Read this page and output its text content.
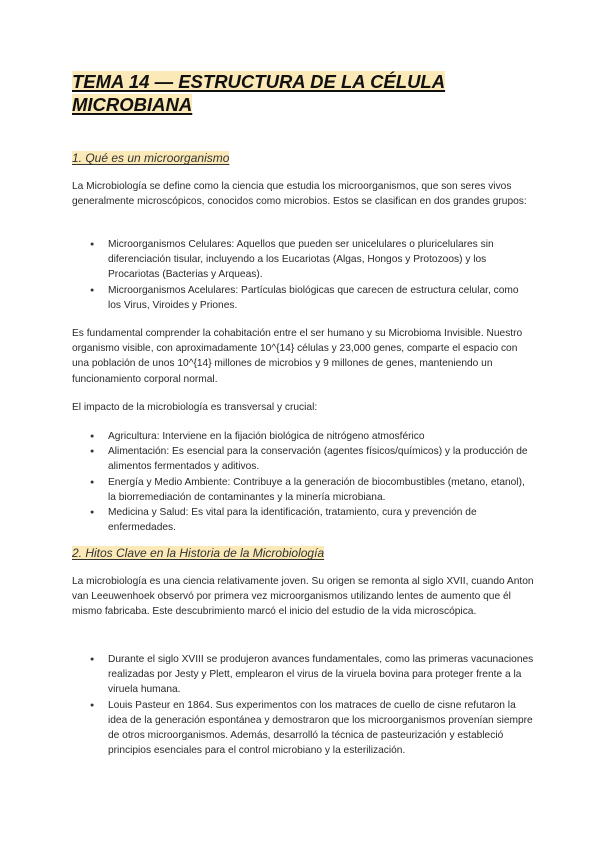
TEMA 14 — ESTRUCTURA DE LA CÉLULA MICROBIANA
1. Qué es un microorganismo

La Microbiología se define como la ciencia que estudia los microorganismos, que son seres vivos generalmente microscópicos, conocidos como microbios. Estos se clasifican en dos grandes grupos:

● Microorganismos Celulares: Aquellos que pueden ser unicelulares o pluricelulares sin diferenciación tisular, incluyendo a los Eucariotas (Algas, Hongos y Protozoos) y los Procariotas (Bacterias y Arqueas).
● Microorganismos Acelulares: Partículas biológicas que carecen de estructura celular, como los Virus, Viroides y Priones.

Es fundamental comprender la cohabitación entre el ser humano y su Microbioma Invisible. Nuestro organismo visible, con aproximadamente 10^{14} células y 23,000 genes, comparte el espacio con una población de unos 10^{14} millones de microbios y 9 millones de genes, manteniendo un funcionamiento corporal normal.

El impacto de la microbiología es transversal y crucial:

● Agricultura: Interviene en la fijación biológica de nitrógeno atmosférico
● Alimentación: Es esencial para la conservación (agentes físicos/químicos) y la producción de alimentos fermentados y aditivos.
● Energía y Medio Ambiente: Contribuye a la generación de biocombustibles (metano, etanol), la biorremediación de contaminantes y la minería microbiana.
● Medicina y Salud: Es vital para la identificación, tratamiento, cura y prevención de enfermedades.
2. Hitos Clave en la Historia de la Microbiología

La microbiología es una ciencia relativamente joven. Su origen se remonta al siglo XVII, cuando Anton van Leeuwenhoek observó por primera vez microorganismos utilizando lentes de aumento que él mismo fabricaba. Este descubrimiento marcó el inicio del estudio de la vida microscópica.

● Durante el siglo XVIII se produjeron avances fundamentales, como las primeras vacunaciones realizadas por Jesty y Plett, emplearon el virus de la viruela bovina para proteger frente a la viruela humana.
● Louis Pasteur en 1864. Sus experimentos con los matraces de cuello de cisne refutaron la idea de la generación espontánea y demostraron que los microorganismos provenían siempre de otros microorganismos. Además, desarrolló la técnica de pasteurización y estableció principios esenciales para el control microbiano y la esterilización.
